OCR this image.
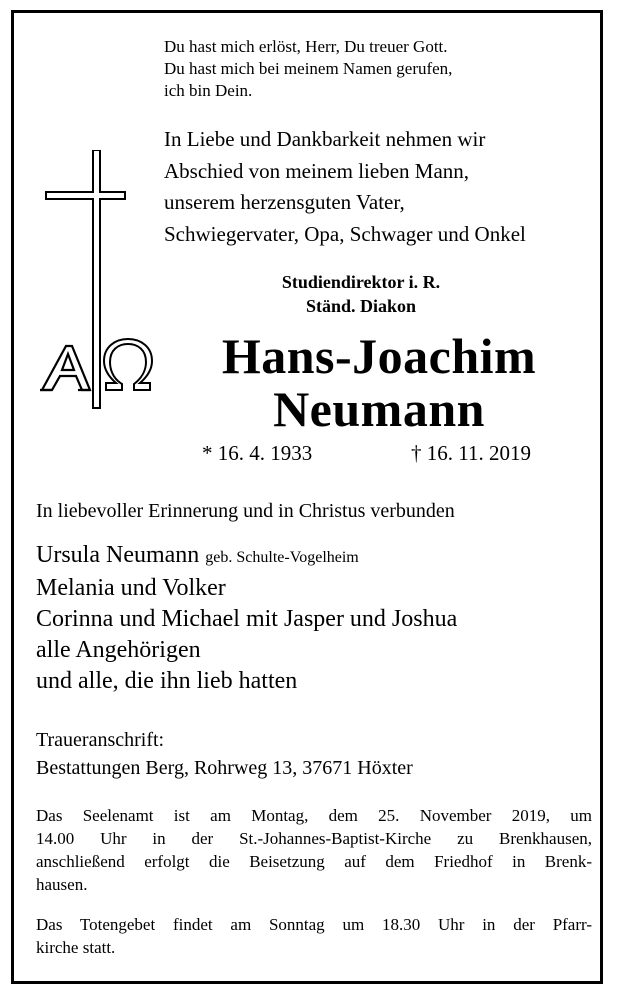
Du hast mich erlöst, Herr, Du treuer Gott.
Du hast mich bei meinem Namen gerufen,
ich bin Dein.

In Liebe und Dankbarkeit nehmen wir
Abschied von meinem lieben Mann,
unserem herzensguten Vater,
Schwiegervater, Opa, Schwager und Onkel

Studiendirektor i. R.
Ständ. Diakon

Hans-Joachim
Neumann

* 16. 4. 1933	† 16. 11. 2019

In liebevoller Erinnerung und in Christus verbunden

Ursula Neumann geb. Schulte-Vogelheim
Melania und Volker
Corinna und Michael mit Jasper und Joshua
alle Angehörigen
und alle, die ihn lieb hatten

Traueranschrift:
Bestattungen Berg, Rohrweg 13, 37671 Höxter

Das Seelenamt ist am Montag, dem 25. November 2019, um
14.00 Uhr in der St.-Johannes-Baptist-Kirche zu Brenkhausen,
anschließend erfolgt die Beisetzung auf dem Friedhof in Brenk-
hausen.

Das Totengebet findet am Sonntag um 18.30 Uhr in der Pfarr-
kirche statt.
